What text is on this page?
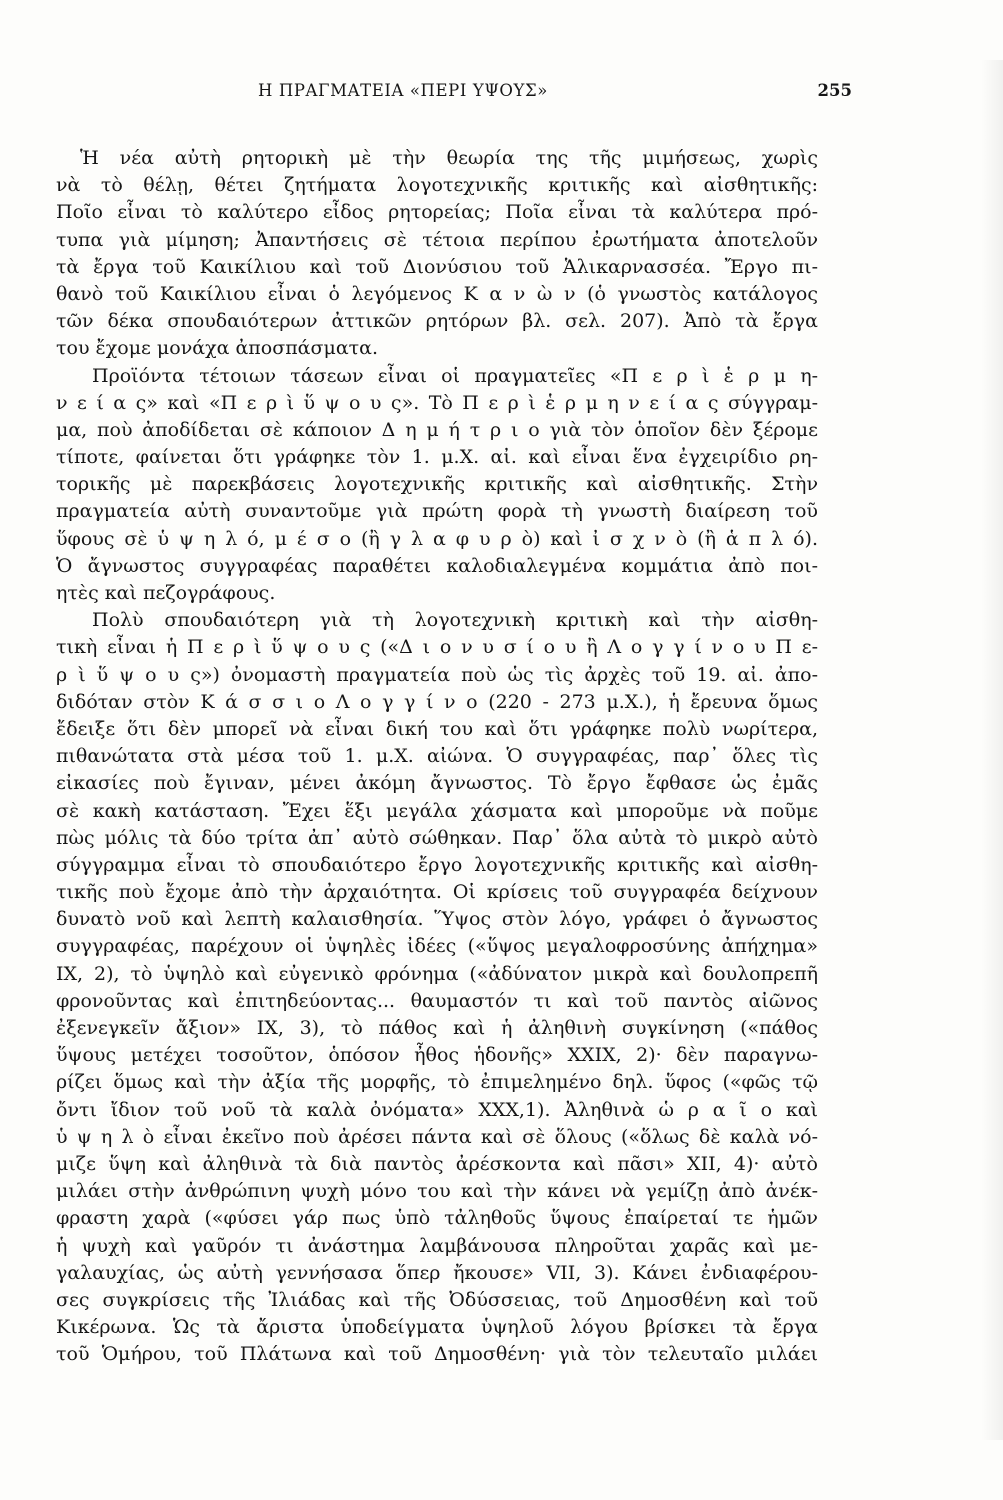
Η ΠΡΑΓΜΑΤΕΙΑ «ΠΕΡΙ ΥΨΟΥΣ»	255
Ἡ νέα αὐτὴ ρητορικὴ μὲ τὴν θεωρία της τῆς μιμήσεως, χωρὶς
νὰ τὸ θέλῃ, θέτει ζητήματα λογοτεχνικῆς κριτικῆς καὶ αἰσθητικῆς:
Ποῖο εἶναι τὸ καλύτερο εἶδος ρητορείας; Ποῖα εἶναι τὰ καλύτερα πρό-
τυπα γιὰ μίμηση; Ἀπαντήσεις σὲ τέτοια περίπου ἐρωτήματα ἀποτελοῦν
τὰ ἔργα τοῦ Καικίλιου καὶ τοῦ Διονύσιου τοῦ Ἁλικαρνασσέα. Ἔργο πι-
θανὸ τοῦ Καικίλιου εἶναι ὁ λεγόμενος Κ α ν ὼ ν (ὁ γνωστὸς κατάλογος
τῶν δέκα σπουδαιότερων ἀττικῶν ρητόρων βλ. σελ. 207). Ἀπὸ τὰ ἔργα
του ἔχομε μονάχα ἀποσπάσματα.
Προϊόντα τέτοιων τάσεων εἶναι οἱ πραγματεῖες «Π ε ρ ὶ ἑ ρ μ η-
ν ε ί α ς» καὶ «Π ε ρ ὶ ὕ ψ ο υ ς». Τὸ Π ε ρ ὶ ἑ ρ μ η ν ε ί α ς σύγγραμ-
μα, ποὺ ἀποδίδεται σὲ κάποιον Δ η μ ή τ ρ ι ο γιὰ τὸν ὁποῖον δὲν ξέρομε
τίποτε, φαίνεται ὅτι γράφηκε τὸν 1. μ.Χ. αἰ. καὶ εἶναι ἕνα ἐγχειρίδιο ρη-
τορικῆς μὲ παρεκβάσεις λογοτεχνικῆς κριτικῆς καὶ αἰσθητικῆς. Στὴν
πραγματεία αὐτὴ συναντοῦμε γιὰ πρώτη φορὰ τὴ γνωστὴ διαίρεση τοῦ
ὕφους σὲ ὑ ψ η λ ό, μ έ σ ο (ἢ γ λ α φ υ ρ ὸ) καὶ ἰ σ χ ν ὸ (ἢ ἁ π λ ό).
Ὁ ἄγνωστος συγγραφέας παραθέτει καλοδιαλεγμένα κομμάτια ἀπὸ ποι-
ητὲς καὶ πεζογράφους.
Πολὺ σπουδαιότερη γιὰ τὴ λογοτεχνικὴ κριτικὴ καὶ τὴν αἰσθη-
τικὴ εἶναι ἡ Π ε ρ ὶ ὕ ψ ο υ ς («Δ ι ο ν υ σ ί ο υ ἢ Λ ο γ γ ί ν ο υ Π ε-
ρ ὶ ὕ ψ ο υ ς») ὀνομαστὴ πραγματεία ποὺ ὡς τὶς ἀρχὲς τοῦ 19. αἰ. ἀπο-
διδόταν στὸν Κ ά σ σ ι ο Λ ο γ γ ί ν ο (220 - 273 μ.Χ.), ἡ ἔρευνα ὅμως
ἔδειξε ὅτι δὲν μπορεῖ νὰ εἶναι δική του καὶ ὅτι γράφηκε πολὺ νωρίτερα,
πιθανώτατα στὰ μέσα τοῦ 1. μ.Χ. αἰώνα. Ὁ συγγραφέας, παρ᾽ ὅλες τὶς
εἰκασίες ποὺ ἔγιναν, μένει ἀκόμη ἄγνωστος. Τὸ ἔργο ἔφθασε ὡς ἐμᾶς
σὲ κακὴ κατάσταση. Ἔχει ἕξι μεγάλα χάσματα καὶ μποροῦμε νὰ ποῦμε
πὼς μόλις τὰ δύο τρίτα ἀπ᾽ αὐτὸ σώθηκαν. Παρ᾽ ὅλα αὐτὰ τὸ μικρὸ αὐτὸ
σύγγραμμα εἶναι τὸ σπουδαιότερο ἔργο λογοτεχνικῆς κριτικῆς καὶ αἰσθη-
τικῆς ποὺ ἔχομε ἀπὸ τὴν ἀρχαιότητα. Οἱ κρίσεις τοῦ συγγραφέα δείχνουν
δυνατὸ νοῦ καὶ λεπτὴ καλαισθησία. Ὕψος στὸν λόγο, γράφει ὁ ἄγνωστος
συγγραφέας, παρέχουν οἱ ὑψηλὲς ἰδέες («ὕψος μεγαλοφροσύνης ἀπήχημα»
IX, 2), τὸ ὑψηλὸ καὶ εὐγενικὸ φρόνημα («ἀδύνατον μικρὰ καὶ δουλοπρεπῆ
φρονοῦντας καὶ ἐπιτηδεύοντας... θαυμαστόν τι καὶ τοῦ παντὸς αἰῶνος
ἐξενεγκεῖν ἄξιον» IX, 3), τὸ πάθος καὶ ἡ ἀληθινὴ συγκίνηση («πάθος
ὕψους μετέχει τοσοῦτον, ὁπόσον ἦθος ἡδονῆς» XXIX, 2)· δὲν παραγνω-
ρίζει ὅμως καὶ τὴν ἀξία τῆς μορφῆς, τὸ ἐπιμελημένο δηλ. ὕφος («φῶς τῷ
ὄντι ἴδιον τοῦ νοῦ τὰ καλὰ ὀνόματα» XXX,1). Ἀληθινὰ ὡ ρ α ῖ ο καὶ
ὑ ψ η λ ὸ εἶναι ἐκεῖνο ποὺ ἀρέσει πάντα καὶ σὲ ὅλους («ὅλως δὲ καλὰ νό-
μιζε ὕψη καὶ ἀληθινὰ τὰ διὰ παντὸς ἀρέσκοντα καὶ πᾶσι» XII, 4)· αὐτὸ
μιλάει στὴν ἀνθρώπινη ψυχὴ μόνο του καὶ τὴν κάνει νὰ γεμίζῃ ἀπὸ ἀνέκ-
φραστη χαρὰ («φύσει γάρ πως ὑπὸ τἀληθοῦς ὕψους ἐπαίρεταί τε ἡμῶν
ἡ ψυχὴ καὶ γαῦρόν τι ἀνάστημα λαμβάνουσα πληροῦται χαρᾶς καὶ με-
γαλαυχίας, ὡς αὐτὴ γεννήσασα ὅπερ ἤκουσε» VII, 3). Κάνει ἐνδιαφέρου-
σες συγκρίσεις τῆς Ἰλιάδας καὶ τῆς Ὀδύσσειας, τοῦ Δημοσθένη καὶ τοῦ
Κικέρωνα. Ὡς τὰ ἄριστα ὑποδείγματα ὑψηλοῦ λόγου βρίσκει τὰ ἔργα
τοῦ Ὁμήρου, τοῦ Πλάτωνα καὶ τοῦ Δημοσθένη· γιὰ τὸν τελευταῖο μιλάει
